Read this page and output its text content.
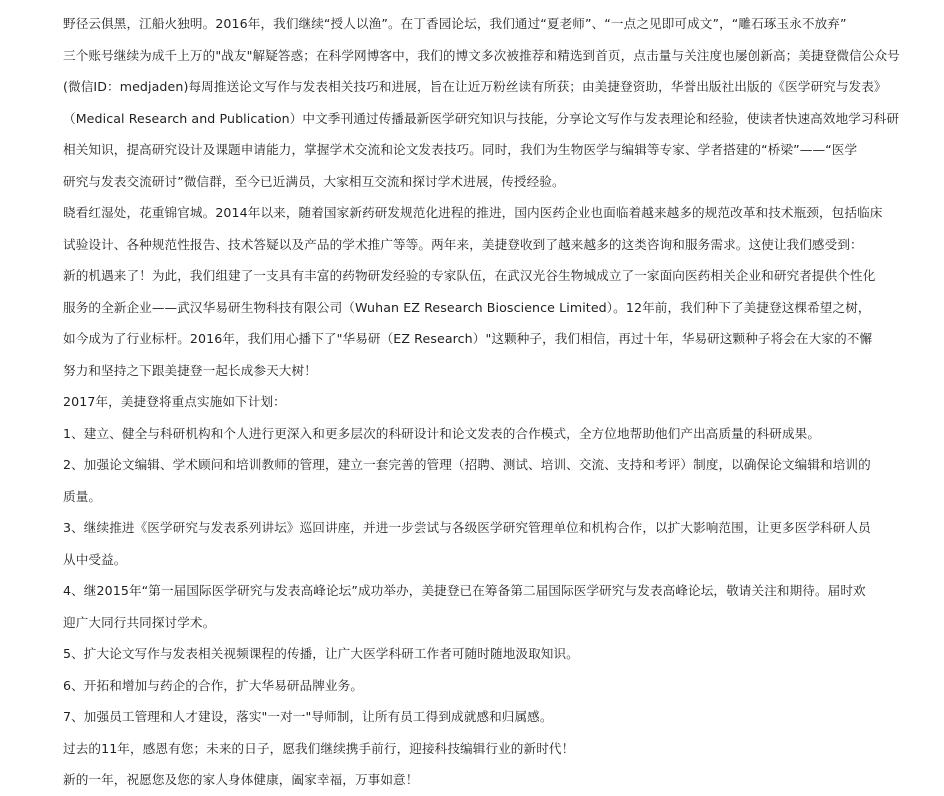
野径云俱黑，江船火独明。2016年，我们继续“授人以渔”。在丁香园论坛，我们通过“夏老师”、“一点之见即可成文”，“雕石琢玉永不放弃”
三个账号继续为成千上万的"战友"解疑答惑；在科学网博客中，我们的博文多次被推荐和精选到首页，点击量与关注度也屡创新高；美捷登微信公众号
(微信ID：medjaden)每周推送论文写作与发表相关技巧和进展，旨在让近万粉丝读有所获；由美捷登资助，华誉出版社出版的《医学研究与发表》
（Medical Research and Publication）中文季刊通过传播最新医学研究知识与技能，分享论文写作与发表理论和经验，使读者快速高效地学习科研
相关知识，提高研究设计及课题申请能力，掌握学术交流和论文发表技巧。同时，我们为生物医学与编辑等专家、学者搭建的“桥梁”——“医学
研究与发表交流研讨”微信群，至今已近满员，大家相互交流和探讨学术进展，传授经验。
晓看红湿处，花重锦官城。2014年以来，随着国家新药研发规范化进程的推进，国内医药企业也面临着越来越多的规范改革和技术瓶颈，包括临床
试验设计、各种规范性报告、技术答疑以及产品的学术推广等等。两年来，美捷登收到了越来越多的这类咨询和服务需求。这使让我们感受到：
新的机遇来了！为此，我们组建了一支具有丰富的药物研发经验的专家队伍，在武汉光谷生物城成立了一家面向医药相关企业和研究者提供个性化
服务的全新企业——武汉华易研生物科技有限公司（Wuhan EZ Research Bioscience Limited）。12年前，我们种下了美捷登这棵希望之树，
如今成为了行业标杆。2016年，我们用心播下了"华易研（EZ Research）"这颗种子，我们相信，再过十年，华易研这颗种子将会在大家的不懈
努力和坚持之下跟美捷登一起长成参天大树！
2017年，美捷登将重点实施如下计划：
1、建立、健全与科研机构和个人进行更深入和更多层次的科研设计和论文发表的合作模式，全方位地帮助他们产出高质量的科研成果。
2、加强论文编辑、学术顾问和培训教师的管理，建立一套完善的管理（招聘、测试、培训、交流、支持和考评）制度，以确保论文编辑和培训的
质量。
3、继续推进《医学研究与发表系列讲坛》巡回讲座，并进一步尝试与各级医学研究管理单位和机构合作，以扩大影响范围，让更多医学科研人员
从中受益。
4、继2015年“第一届国际医学研究与发表高峰论坛”成功举办，美捷登已在筹备第二届国际医学研究与发表高峰论坛，敬请关注和期待。届时欢
迎广大同行共同探讨学术。
5、扩大论文写作与发表相关视频课程的传播，让广大医学科研工作者可随时随地汲取知识。
6、开拓和增加与药企的合作，扩大华易研品牌业务。
7、加强员工管理和人才建设，落实"一对一"导师制，让所有员工得到成就感和归属感。
过去的11年，感恩有您；未来的日子，愿我们继续携手前行，迎接科技编辑行业的新时代！
新的一年，祝愿您及您的家人身体健康，阖家幸福，万事如意！
